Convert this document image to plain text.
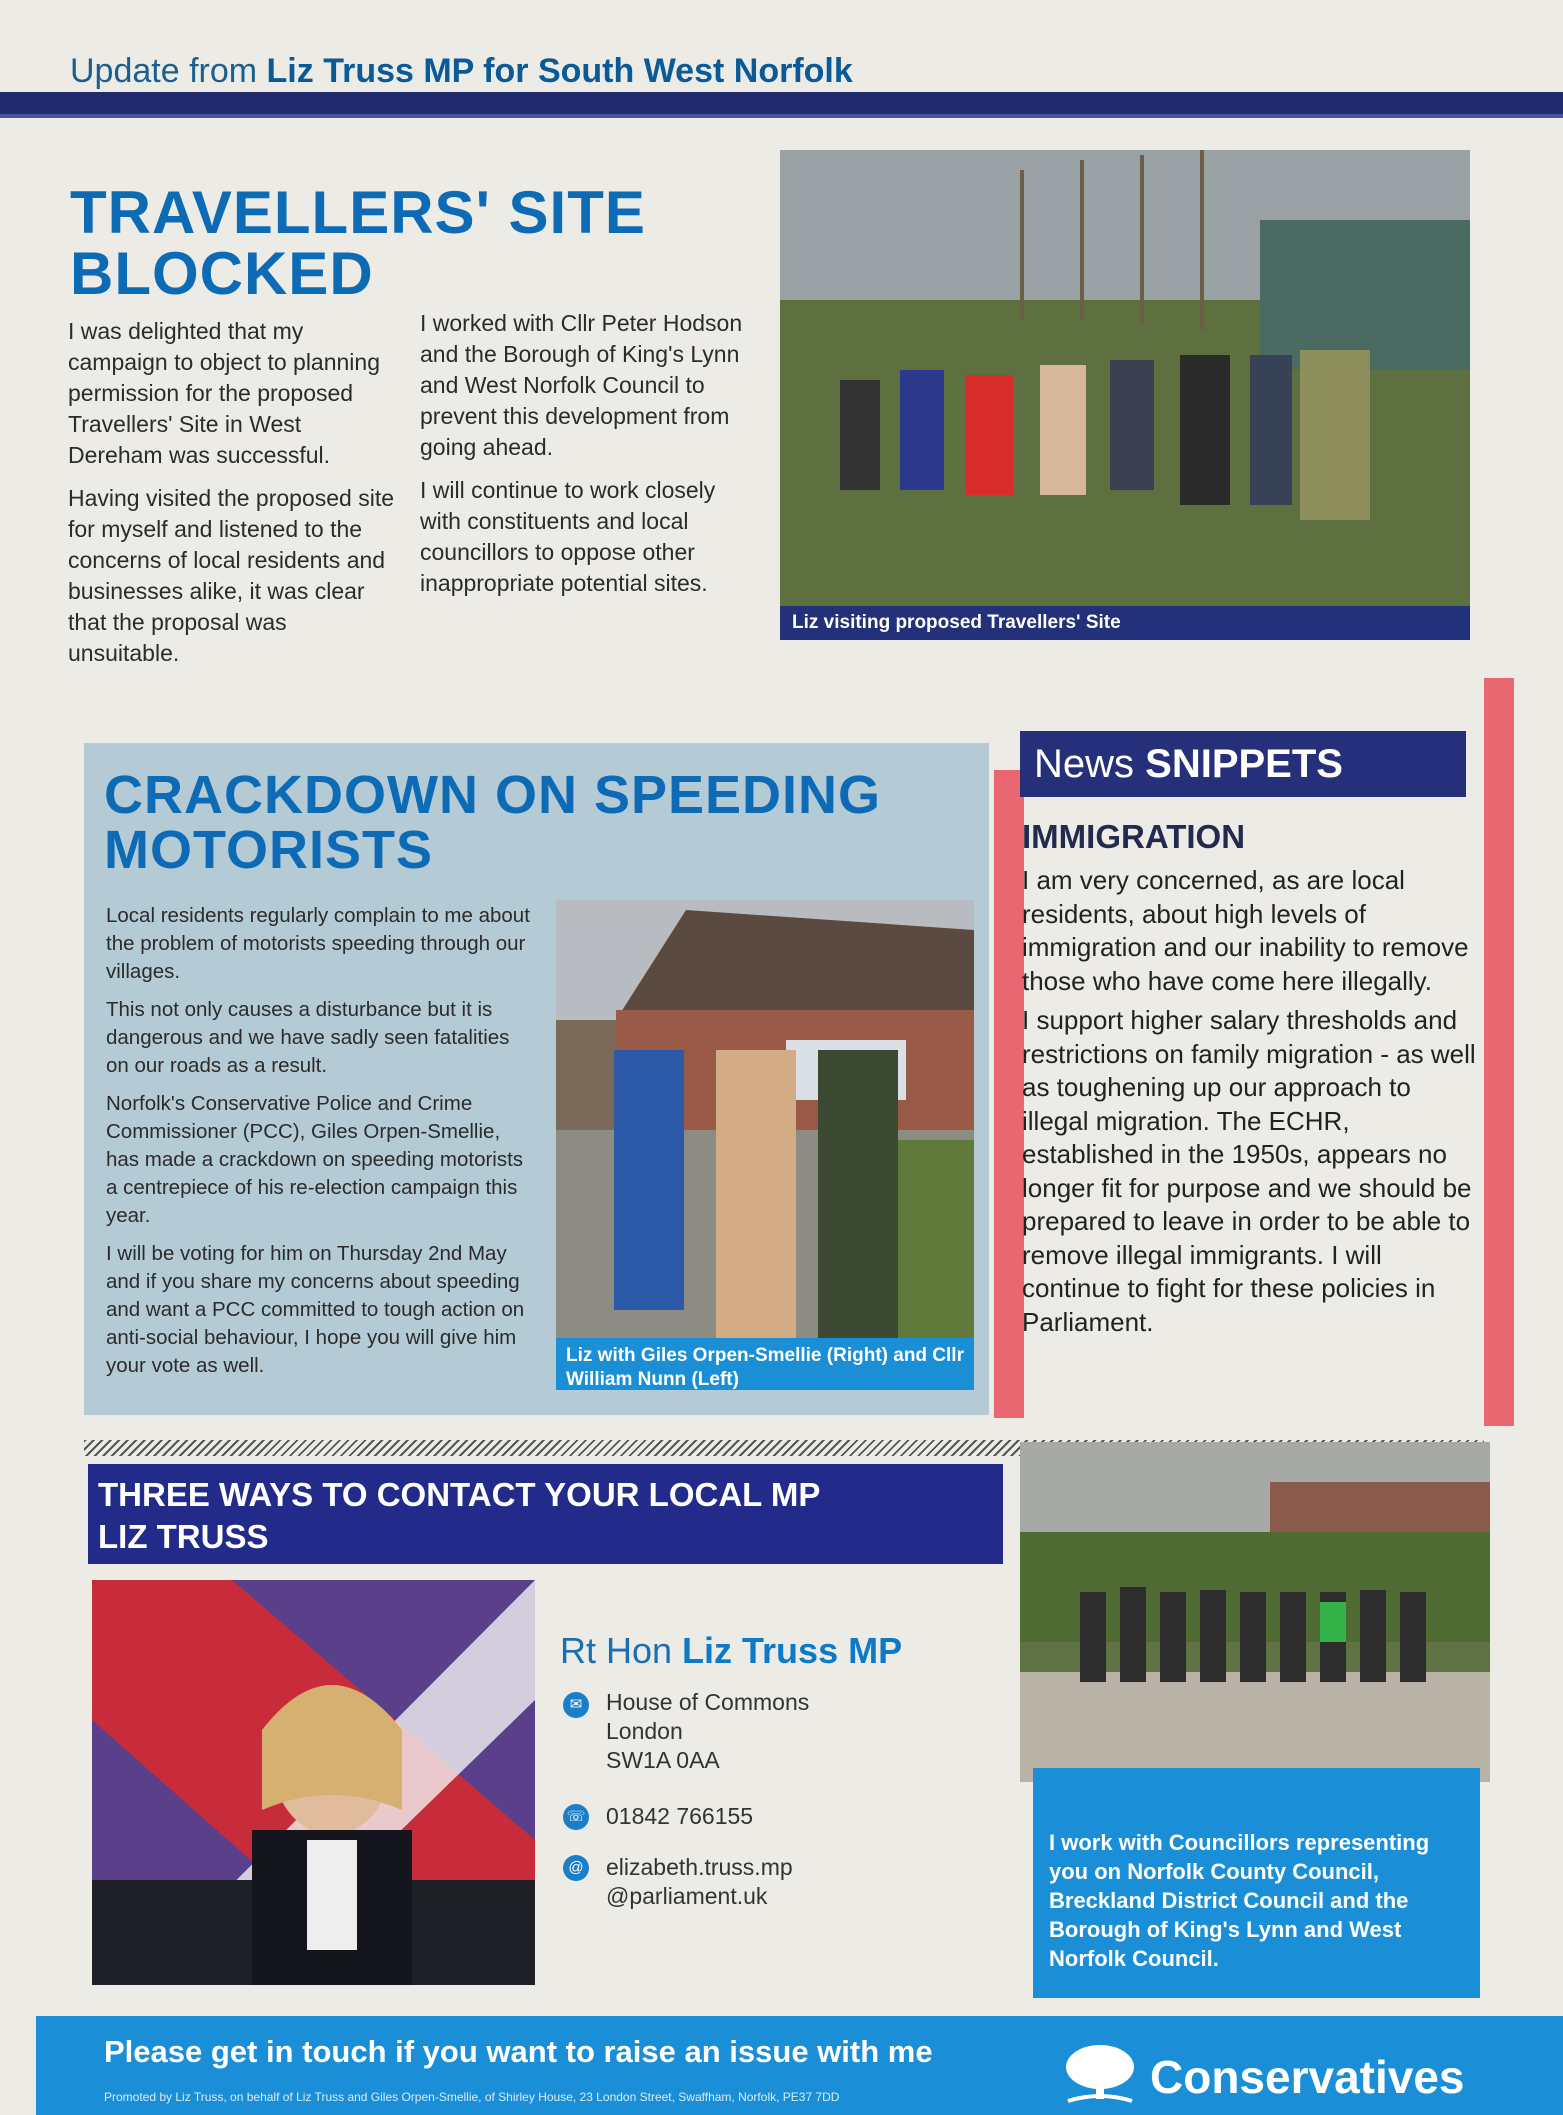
Update from Liz Truss MP for South West Norfolk
TRAVELLERS' SITE BLOCKED

I was delighted that my campaign to object to planning permission for the proposed Travellers' Site in West Dereham was successful.

Having visited the proposed site for myself and listened to the concerns of local residents and businesses alike, it was clear that the proposal was unsuitable.

I worked with Cllr Peter Hodson and the Borough of King's Lynn and West Norfolk Council to prevent this development from going ahead.

I will continue to work closely with constituents and local councillors to oppose other inappropriate potential sites.

Liz visiting proposed Travellers' Site
CRACKDOWN ON SPEEDING MOTORISTS

Local residents regularly complain to me about the problem of motorists speeding through our villages.

This not only causes a disturbance but it is dangerous and we have sadly seen fatalities on our roads as a result.

Norfolk's Conservative Police and Crime Commissioner (PCC), Giles Orpen-Smellie, has made a crackdown on speeding motorists a centrepiece of his re-election campaign this year.

I will be voting for him on Thursday 2nd May and if you share my concerns about speeding and want a PCC committed to tough action on anti-social behaviour, I hope you will give him your vote as well.	Liz with Giles Orpen-Smellie (Right) and Cllr William Nunn (Left)
News SNIPPETS
IMMIGRATION

I am very concerned, as are local residents, about high levels of immigration and our inability to remove those who have come here illegally.

I support higher salary thresholds and restrictions on family migration - as well as toughening up our approach to illegal migration. The ECHR, established in the 1950s, appears no longer fit for purpose and we should be prepared to leave in order to be able to remove illegal immigrants. I will continue to fight for these policies in Parliament.

THREE WAYS TO CONTACT YOUR LOCAL MP
LIZ TRUSS
Rt Hon Liz Truss MP
✉ House of Commons
London
SW1A 0AA
☏ 01842 766155
@ elizabeth.truss.mp
@parliament.uk
I work with Councillors representing you on Norfolk County Council, Breckland District Council and the Borough of King's Lynn and West Norfolk Council.
Please get in touch if you want to raise an issue with me	Conservatives
Promoted by Liz Truss, on behalf of Liz Truss and Giles Orpen-Smellie, of Shirley House, 23 London Street, Swaffham, Norfolk, PE37 7DD
